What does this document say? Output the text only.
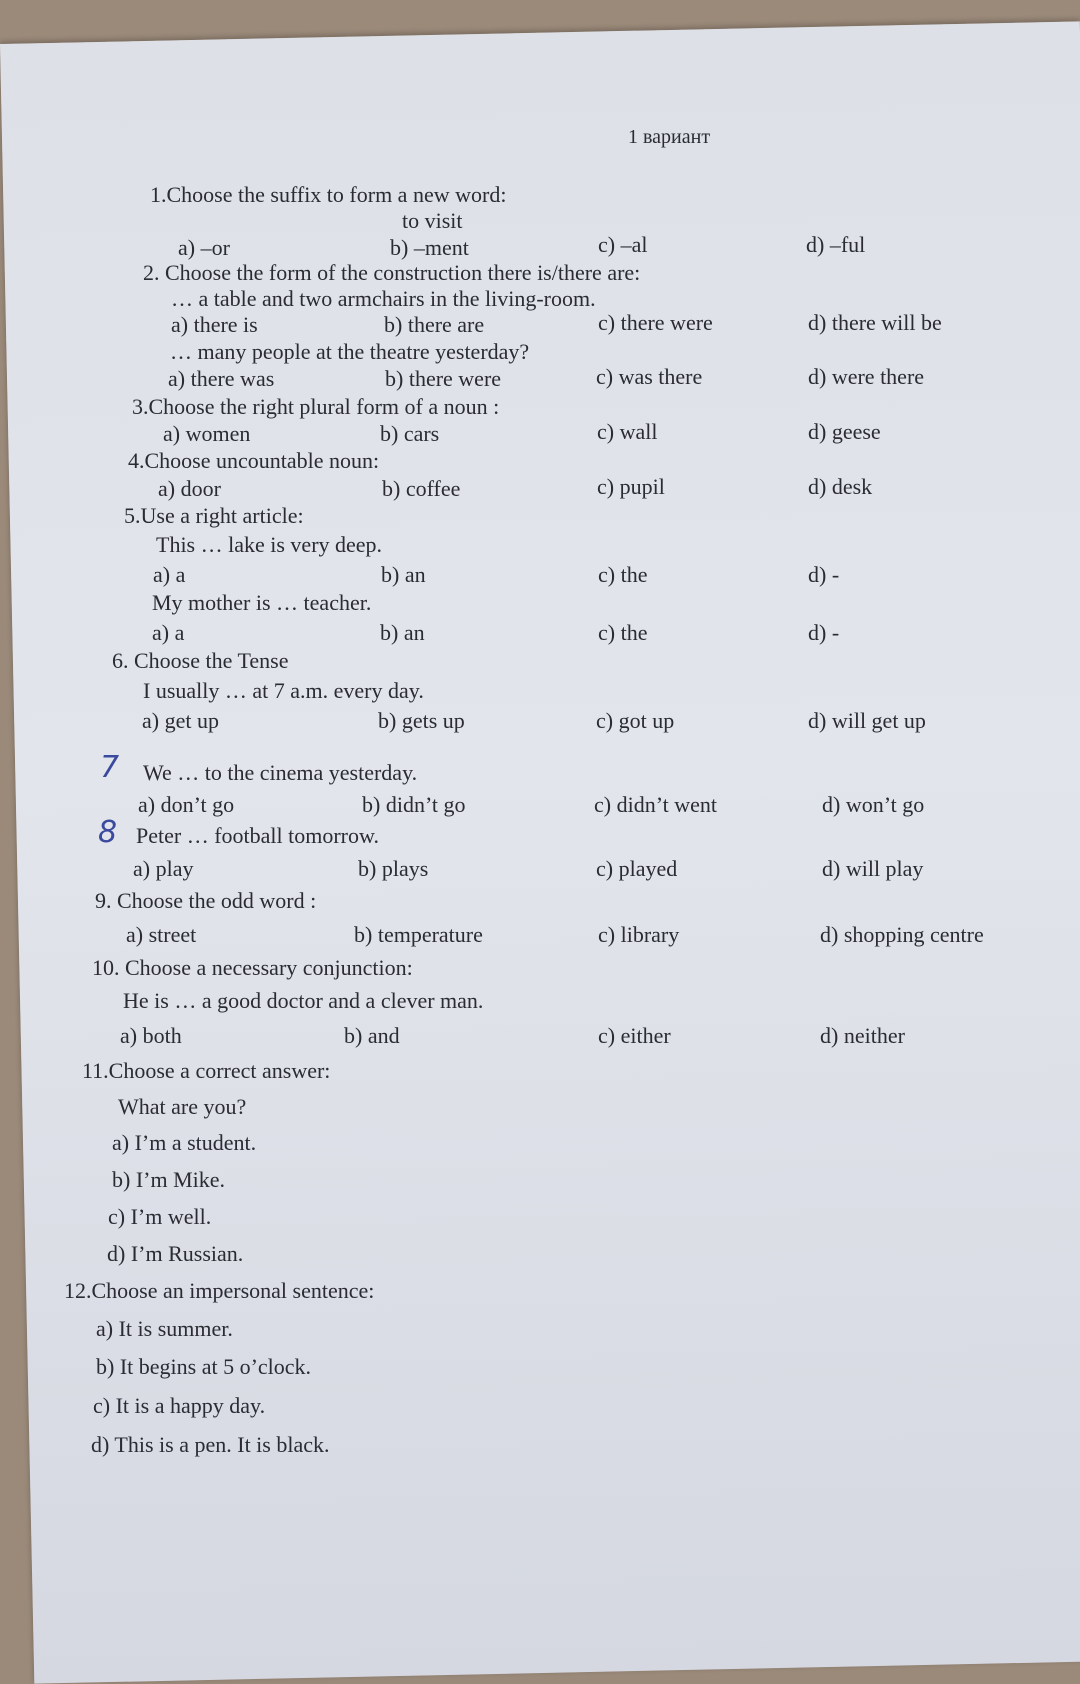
1 вариант
1.Choose the suffix to form a new word:
to visit
a) –or	b) –ment	c) –al	d) –ful
2. Choose the form of the construction there is/there are:
… a table and two armchairs in the living-room.
a) there is	b) there are	c) there were	d) there will be
… many people at the theatre yesterday?
a) there was	b) there were	c) was there	d) were there
3.Choose the right plural form of a noun :
a) women	b) cars	c) wall	d) geese
4.Choose uncountable noun:
a) door	b) coffee	c) pupil	d) desk
5.Use a right article:
This … lake is very deep.
a) a	b) an	c) the	d) -
My mother is … teacher.
a) a	b) an	c) the	d) -
6. Choose the Tense
I usually … at 7 a.m. every day.
a) get up	b) gets up	c) got up	d) will get up
7 We … to the cinema yesterday.
a) don’t go	b) didn’t go	c) didn’t went	d) won’t go
8 Peter … football tomorrow.
a) play	b) plays	c) played	d) will play
9. Choose the odd word :
a) street	b) temperature	c) library	d) shopping centre
10. Choose a necessary conjunction:
He is … a good doctor and a clever man.
a) both	b) and	c) either	d) neither
11.Choose a correct answer:
What are you?
a) I’m a student.
b) I’m Mike.
c) I’m well.
d) I’m Russian.
12.Choose an impersonal sentence:
a) It is summer.
b) It begins at 5 o’clock.
c) It is a happy day.
d) This is a pen. It is black.
